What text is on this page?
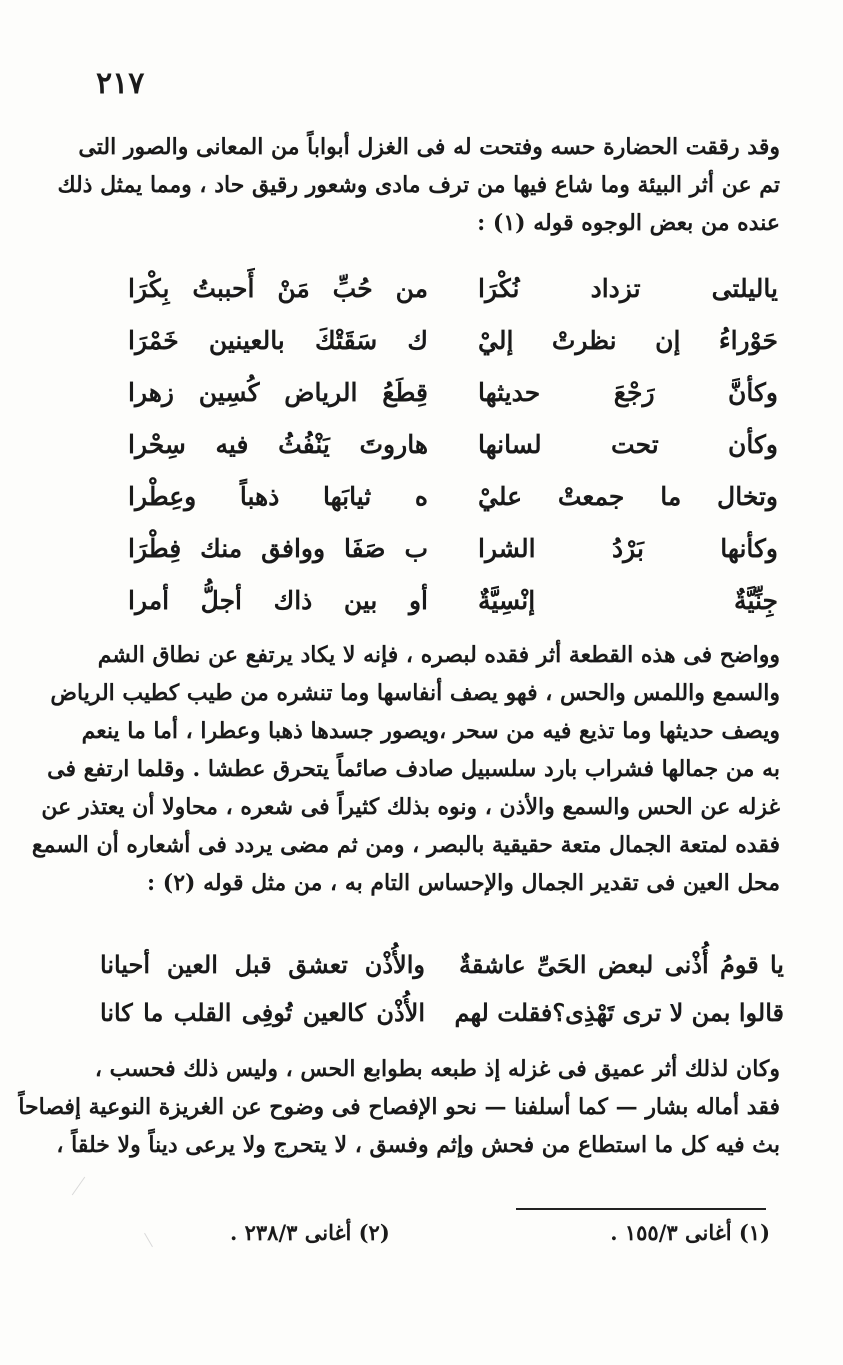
٢١٧
وقد رققت الحضارة حسه وفتحت له فى الغزل أبواباً من المعانى والصور التى
تم عن أثر البيئة وما شاع فيها من ترف مادى وشعور رقيق حاد ، ومما يمثل ذلك
عنده من بعض الوجوه قوله (١) :
ياليلتى تزداد نُكْرَا
من حُبِّ مَنْ أَحببتُ بِكْرَا
حَوْراءُ إن نظرتْ إليْ
ك سَقَتْكَ بالعينين خَمْرَا
وكأنَّ رَجْعَ حديثها
قِطَعُ الرياض كُسِين زهرا
وكأن تحت لسانها
هاروتَ يَنْفُثُ فيه سِحْرا
وتخال ما جمعتْ عليْ
ه ثيابَها ذهباً وعِطْرا
وكأنها بَرْدُ الشرا
ب صَفَا ووافق منك فِطْرَا
جِنِّيَّةٌ إنْسِيَّةٌ
أو بين ذاك أجلُّ أمرا
وواضح فى هذه القطعة أثر فقده لبصره ، فإنه لا يكاد يرتفع عن نطاق الشم
والسمع واللمس والحس ، فهو يصف أنفاسها وما تنشره من طيب كطيب الرياض
ويصف حديثها وما تذيع فيه من سحر ،ويصور جسدها ذهبا وعطرا ، أما ما ينعم
به من جمالها فشراب بارد سلسبيل صادف صائماً يتحرق عطشا . وقلما ارتفع فى
غزله عن الحس والسمع والأذن ، ونوه بذلك كثيراً فى شعره ، محاولا أن يعتذر عن
فقده لمتعة الجمال متعة حقيقية بالبصر ، ومن ثم مضى يردد فى أشعاره أن السمع
محل العين فى تقدير الجمال والإحساس التام به ، من مثل قوله (٢) :
يا قومُ أُذْنى لبعض الحَىِّ عاشقةٌ
والأُذْن تعشق قبل العين أحيانا
قالوا بمن لا ترى تَهْذِى؟فقلت لهم
الأُذْن كالعين تُوفِى القلب ما كانا
وكان لذلك أثر عميق فى غزله إذ طبعه بطوابع الحس ، وليس ذلك فحسب ،
فقد أماله بشار — كما أسلفنا — نحو الإفصاح فى وضوح عن الغريزة النوعية إفصاحاً
بث فيه كل ما استطاع من فحش وإثم وفسق ، لا يتحرج ولا يرعى ديناً ولا خلقاً ،
(١) أغانى ١٥٥/٣ .
(٢) أغانى ٢٣٨/٣ .
